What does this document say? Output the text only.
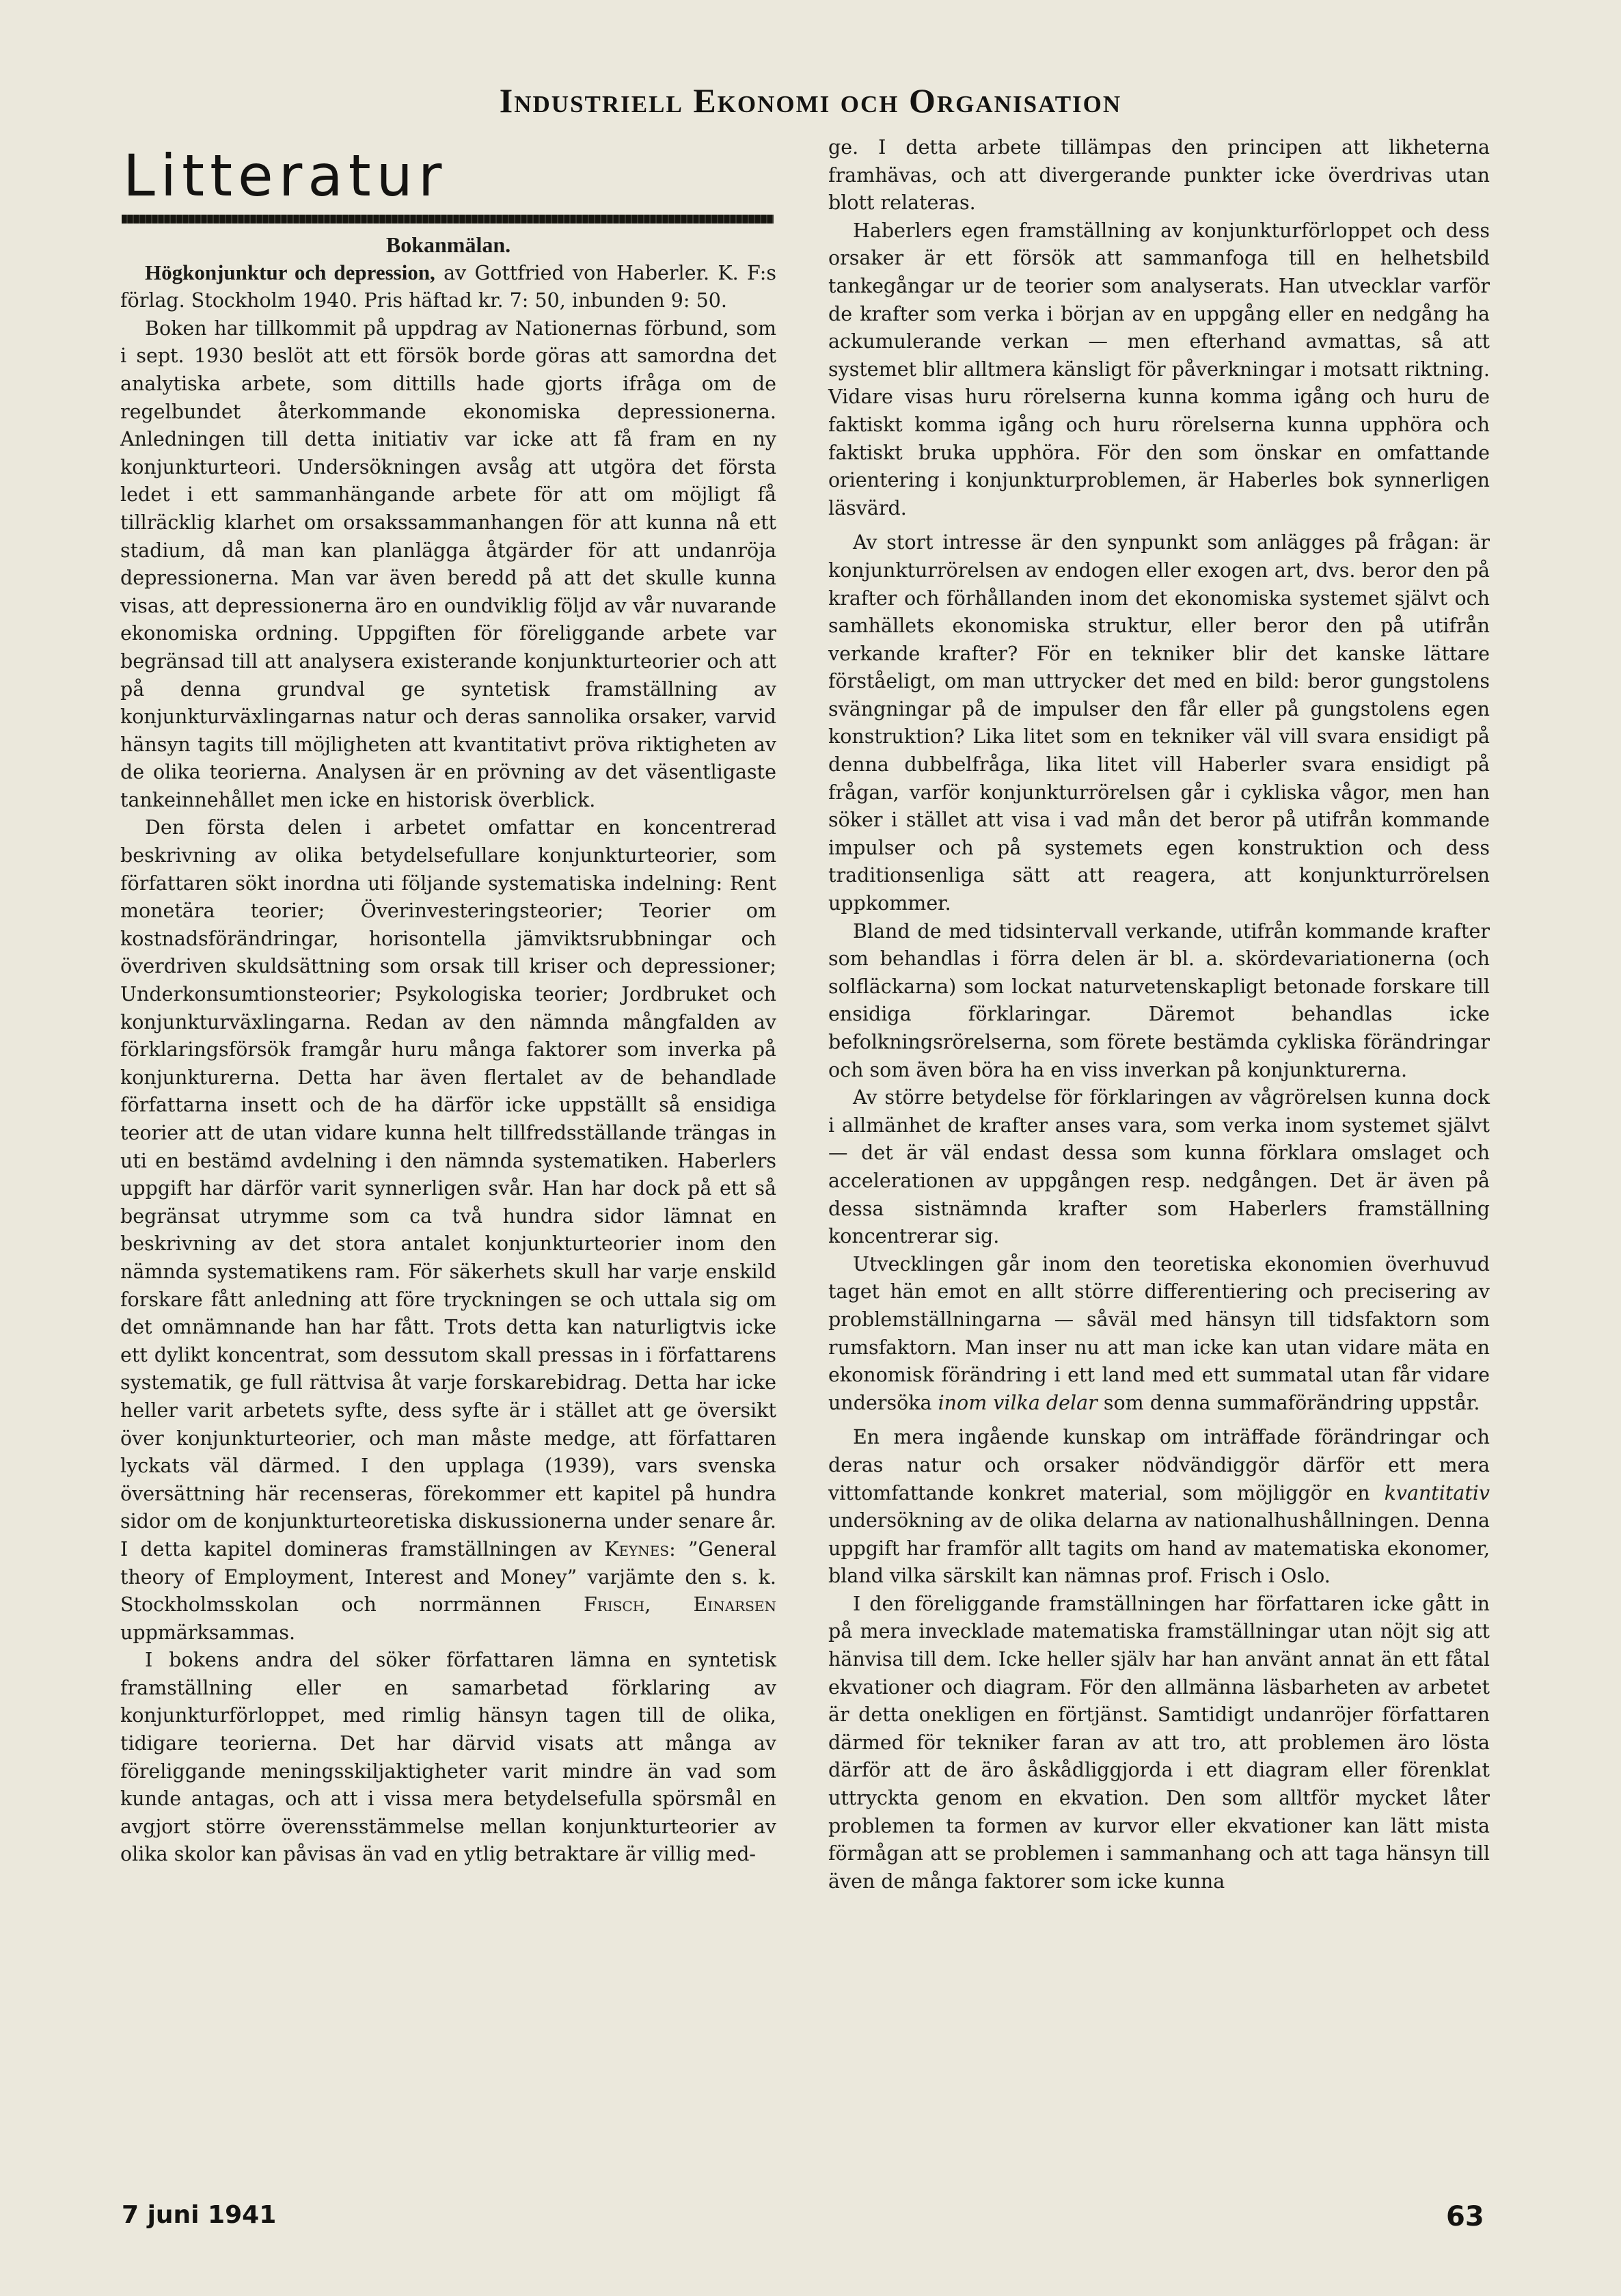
Industriell Ekonomi och Organisation
Litteratur

Bokanmälan.

Högkonjunktur och depression, av Gottfried von Haberler. K. F:s förlag. Stockholm 1940. Pris häftad kr. 7: 50, inbunden 9: 50.

Boken har tillkommit på uppdrag av Nationernas förbund, som i sept. 1930 beslöt att ett försök borde göras att samordna det analytiska arbete, som dittills hade gjorts ifråga om de regelbundet återkommande ekonomiska depressionerna. Anledningen till detta initiativ var icke att få fram en ny konjunkturteori. Undersökningen avsåg att utgöra det första ledet i ett sammanhängande arbete för att om möjligt få tillräcklig klarhet om orsakssammanhangen för att kunna nå ett stadium, då man kan planlägga åtgärder för att undanröja depressionerna. Man var även beredd på att det skulle kunna visas, att depressionerna äro en oundviklig följd av vår nuvarande ekonomiska ordning. Uppgiften för föreliggande arbete var begränsad till att analysera existerande konjunkturteorier och att på denna grundval ge syntetisk framställning av konjunkturväxlingarnas natur och deras sannolika orsaker, varvid hänsyn tagits till möjligheten att kvantitativt pröva riktigheten av de olika teorierna. Analysen är en prövning av det väsentligaste tankeinnehållet men icke en historisk överblick.

Den första delen i arbetet omfattar en koncentrerad beskrivning av olika betydelsefullare konjunkturteorier, som författaren sökt inordna uti följande systematiska indelning: Rent monetära teorier; Överinvesteringsteorier; Teorier om kostnadsförändringar, horisontella jämviktsrubbningar och överdriven skuldsättning som orsak till kriser och depressioner; Underkonsumtionsteorier; Psykologiska teorier; Jordbruket och konjunkturväxlingarna. Redan av den nämnda mångfalden av förklaringsförsök framgår huru många faktorer som inverka på konjunkturerna. Detta har även flertalet av de behandlade författarna insett och de ha därför icke uppställt så ensidiga teorier att de utan vidare kunna helt tillfredsställande trängas in uti en bestämd avdelning i den nämnda systematiken. Haberlers uppgift har därför varit synnerligen svår. Han har dock på ett så begränsat utrymme som ca två hundra sidor lämnat en beskrivning av det stora antalet konjunkturteorier inom den nämnda systematikens ram. För säkerhets skull har varje enskild forskare fått anledning att före tryckningen se och uttala sig om det omnämnande han har fått. Trots detta kan naturligtvis icke ett dylikt koncentrat, som dessutom skall pressas in i författarens systematik, ge full rättvisa åt varje forskarebidrag. Detta har icke heller varit arbetets syfte, dess syfte är i stället att ge översikt över konjunkturteorier, och man måste medge, att författaren lyckats väl därmed. I den upplaga (1939), vars svenska översättning här recenseras, förekommer ett kapitel på hundra sidor om de konjunkturteoretiska diskussionerna under senare år. I detta kapitel domineras framställningen av Keynes: ”General theory of Employment, Interest and Money” varjämte den s. k. Stockholmsskolan och norrmännen Frisch, Einarsen uppmärksammas.

I bokens andra del söker författaren lämna en syntetisk framställning eller en samarbetad förklaring av konjunkturförloppet, med rimlig hänsyn tagen till de olika, tidigare teorierna. Det har därvid visats att många av föreliggande meningsskiljaktigheter varit mindre än vad som kunde antagas, och att i vissa mera betydelsefulla spörsmål en avgjort större överensstämmelse mellan konjunkturteorier av olika skolor kan påvisas än vad en ytlig betraktare är villig med-

ge. I detta arbete tillämpas den principen att likheterna framhävas, och att divergerande punkter icke överdrivas utan blott relateras.

Haberlers egen framställning av konjunkturförloppet och dess orsaker är ett försök att sammanfoga till en helhetsbild tankegångar ur de teorier som analyserats. Han utvecklar varför de krafter som verka i början av en uppgång eller en nedgång ha ackumulerande verkan — men efterhand avmattas, så att systemet blir alltmera känsligt för påverkningar i motsatt riktning. Vidare visas huru rörelserna kunna komma igång och huru de faktiskt komma igång och huru rörelserna kunna upphöra och faktiskt bruka upphöra. För den som önskar en omfattande orientering i konjunkturproblemen, är Haberles bok synnerligen läsvärd.

Av stort intresse är den synpunkt som anlägges på frågan: är konjunkturrörelsen av endogen eller exogen art, dvs. beror den på krafter och förhållanden inom det ekonomiska systemet självt och samhällets ekonomiska struktur, eller beror den på utifrån verkande krafter? För en tekniker blir det kanske lättare förståeligt, om man uttrycker det med en bild: beror gungstolens svängningar på de impulser den får eller på gungstolens egen konstruktion? Lika litet som en tekniker väl vill svara ensidigt på denna dubbelfråga, lika litet vill Haberler svara ensidigt på frågan, varför konjunkturrörelsen går i cykliska vågor, men han söker i stället att visa i vad mån det beror på utifrån kommande impulser och på systemets egen konstruktion och dess traditionsenliga sätt att reagera, att konjunkturrörelsen uppkommer.

Bland de med tidsintervall verkande, utifrån kommande krafter som behandlas i förra delen är bl. a. skördevariationerna (och solfläckarna) som lockat naturvetenskapligt betonade forskare till ensidiga förklaringar. Däremot behandlas icke befolkningsrörelserna, som förete bestämda cykliska förändringar och som även böra ha en viss inverkan på konjunkturerna.

Av större betydelse för förklaringen av vågrörelsen kunna dock i allmänhet de krafter anses vara, som verka inom systemet självt — det är väl endast dessa som kunna förklara omslaget och accelerationen av uppgången resp. nedgången. Det är även på dessa sistnämnda krafter som Haberlers framställning koncentrerar sig.

Utvecklingen går inom den teoretiska ekonomien överhuvud taget hän emot en allt större differentiering och precisering av problemställningarna — såväl med hänsyn till tidsfaktorn som rumsfaktorn. Man inser nu att man icke kan utan vidare mäta en ekonomisk förändring i ett land med ett summatal utan får vidare undersöka inom vilka delar som denna summaförändring uppstår.

En mera ingående kunskap om inträffade förändringar och deras natur och orsaker nödvändiggör därför ett mera vittomfattande konkret material, som möjliggör en kvantitativ undersökning av de olika delarna av nationalhushållningen. Denna uppgift har framför allt tagits om hand av matematiska ekonomer, bland vilka särskilt kan nämnas prof. Frisch i Oslo.

I den föreliggande framställningen har författaren icke gått in på mera invecklade matematiska framställningar utan nöjt sig att hänvisa till dem. Icke heller själv har han använt annat än ett fåtal ekvationer och diagram. För den allmänna läsbarheten av arbetet är detta onekligen en förtjänst. Samtidigt undanröjer författaren därmed för tekniker faran av att tro, att problemen äro lösta därför att de äro åskådliggjorda i ett diagram eller förenklat uttryckta genom en ekvation. Den som alltför mycket låter problemen ta formen av kurvor eller ekvationer kan lätt mista förmågan att se problemen i sammanhang och att taga hänsyn till även de många faktorer som icke kunna

7 juni 1941	63
